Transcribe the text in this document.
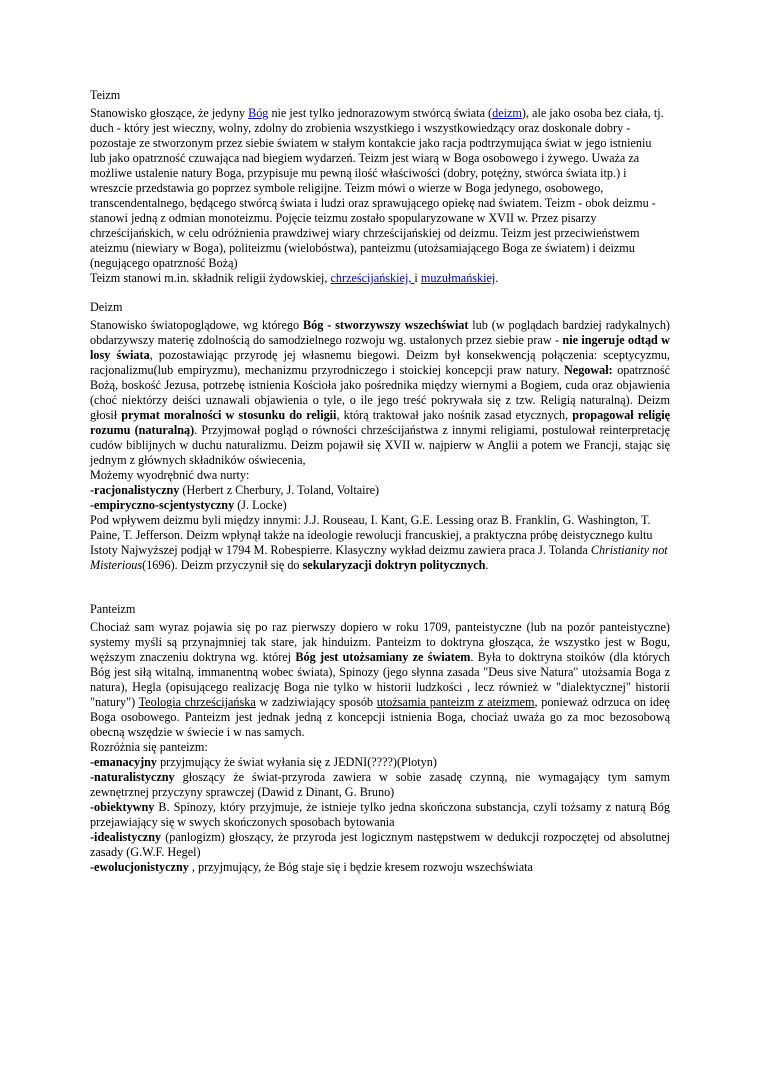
Teizm

Stanowisko głoszące, że jedyny Bóg nie jest tylko jednorazowym stwórcą świata (deizm), ale jako osoba bez ciała, tj. duch - który jest wieczny, wolny, zdolny do zrobienia wszystkiego i wszystkowiedzący oraz doskonale dobry - pozostaje ze stworzonym przez siebie światem w stałym kontakcie jako racja podtrzymująca świat w jego istnieniu lub jako opatrzność czuwająca nad biegiem wydarzeń. Teizm jest wiarą w Boga osobowego i żywego. Uważa za możliwe ustalenie natury Boga, przypisuje mu pewną ilość właściwości (dobry, potężny, stwórca świata itp.) i wreszcie przedstawia go poprzez symbole religijne. Teizm mówi o wierze w Boga jedynego, osobowego, transcendentalnego, będącego stwórcą świata i ludzi oraz sprawującego opiekę nad światem. Teizm - obok deizmu - stanowi jedną z odmian monoteizmu. Pojęcie teizmu zostało spopularyzowane w XVII w. Przez pisarzy chrześcijańskich, w celu odróżnienia prawdziwej wiary chrześcijańskiej od deizmu. Teizm jest przeciwieństwem ateizmu (niewiary w Boga), politeizmu (wielobóstwa), panteizmu (utożsamiającego Boga ze światem) i deizmu (negującego opatrzność Bożą)

Teizm stanowi m.in. składnik religii żydowskiej, chrześcijańskiej, i muzułmańskiej.

Deizm

Stanowisko światopoglądowe, wg którego Bóg - stworzywszy wszechświat lub (w poglądach bardziej radykalnych) obdarzywszy materię zdolnością do samodzielnego rozwoju wg. ustalonych przez siebie praw - nie ingeruje odtąd w losy świata, pozostawiając przyrodę jej własnemu biegowi. Deizm był konsekwencją połączenia: sceptycyzmu, racjonalizmu(lub empiryzmu), mechanizmu przyrodniczego i stoickiej koncepcji praw natury. Negował: opatrzność Bożą, boskość Jezusa, potrzebę istnienia Kościoła jako pośrednika między wiernymi a Bogiem, cuda oraz objawienia (choć niektórzy deiści uznawali objawienia o tyle, o ile jego treść pokrywała się z tzw. Religią naturalną). Deizm głosił prymat moralności w stosunku do religii, którą traktował jako nośnik zasad etycznych, propagował religię rozumu (naturalną). Przyjmował pogląd o równości chrześcijaństwa z innymi religiami, postulował reinterpretację cudów biblijnych w duchu naturalizmu. Deizm pojawił się XVII w. najpierw w Anglii a potem we Francji, stając się jednym z głównych składników oświecenia,

Możemy wyodrębnić dwa nurty:

-racjonalistyczny (Herbert z Cherbury, J. Toland, Voltaire)

-empiryczno-scjentystyczny (J. Locke)

Pod wpływem deizmu byli między innymi: J.J. Rouseau, I. Kant, G.E. Lessing oraz B. Franklin, G. Washington, T. Paine, T. Jefferson. Deizm wpłynął także na ideologie rewolucji francuskiej, a praktyczna próbę deistycznego kultu Istoty Najwyższej podjął w 1794 M. Robespierre. Klasyczny wykład deizmu zawiera praca J. Tolanda Christianity not Misterious(1696). Deizm przyczynił się do sekularyzacji doktryn politycznych.

Panteizm

Chociaż sam wyraz pojawia się po raz pierwszy dopiero w roku 1709, panteistyczne (lub na pozór panteistyczne) systemy myśli są przynajmniej tak stare, jak hinduizm. Panteizm to doktryna głosząca, że wszystko jest w Bogu, węższym znaczeniu doktryna wg. której Bóg jest utożsamiany ze światem. Była to doktryna stoików (dla których Bóg jest siłą witalną, immanentną wobec świata), Spinozy (jego słynna zasada "Deus sive Natura" utożsamia Boga z natura), Hegla (opisującego realizację Boga nie tylko w historii ludzkości , lecz również w "dialektycznej" historii "natury") Teologia chrześcijańska w zadziwiający sposób utożsamia panteizm z ateizmem, ponieważ odrzuca on ideę Boga osobowego. Panteizm jest jednak jedną z koncepcji istnienia Boga, chociaż uważa go za moc bezosobową obecną wszędzie w świecie i w nas samych.

Rozróżnia się panteizm:

-emanacyjny przyjmujący że świat wyłania się z JEDNI(????)(Plotyn)

-naturalistyczny głoszący że świat-przyroda zawiera w sobie zasadę czynną, nie wymagający tym samym zewnętrznej przyczyny sprawczej (Dawid z Dinant, G. Bruno)

-obiektywny B. Spinozy, który przyjmuje, że istnieje tylko jedna skończona substancja, czyli tożsamy z naturą Bóg przejawiający się w swych skończonych sposobach bytowania

-idealistyczny (panlogizm) głoszący, że przyroda jest logicznym następstwem w dedukcji rozpoczętej od absolutnej zasady (G.W.F. Hegel)

-ewolucjonistyczny , przyjmujący, że Bóg staje się i będzie kresem rozwoju wszechświata
